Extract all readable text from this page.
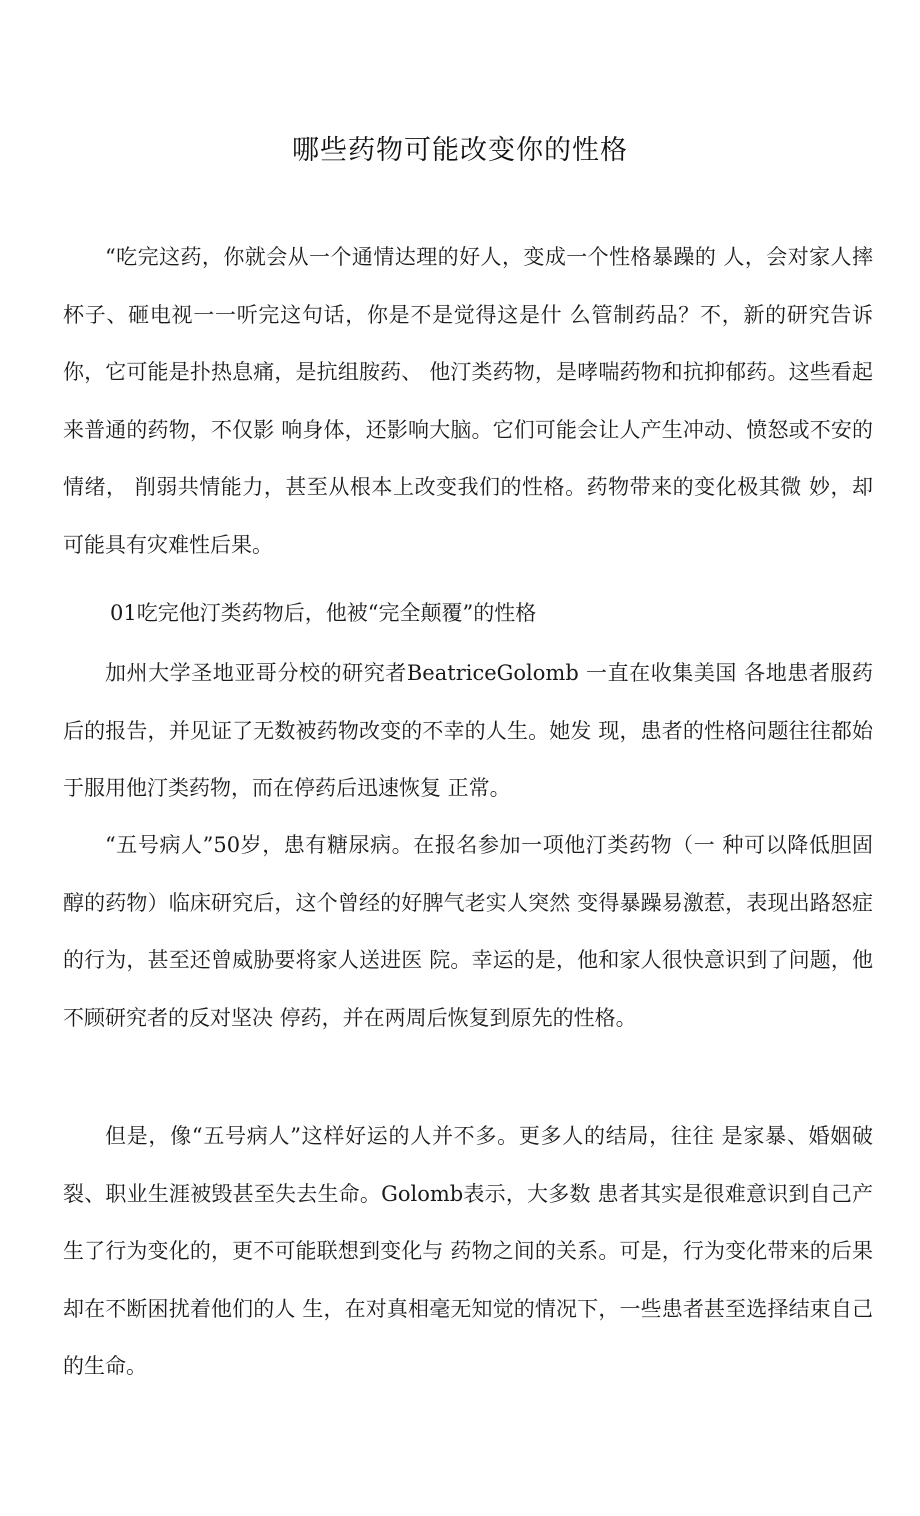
哪些药物可能改变你的性格

“吃完这药，你就会从一个通情达理的好人，变成一个性格暴躁的 人，会对家人摔杯子、砸电视一一听完这句话，你是不是觉得这是什 么管制药品？不，新的研究告诉你，它可能是扑热息痛，是抗组胺药、 他汀类药物，是哮喘药物和抗抑郁药。这些看起来普通的药物，不仅影 响身体，还影响大脑。它们可能会让人产生冲动、愤怒或不安的情绪， 削弱共情能力，甚至从根本上改变我们的性格。药物带来的变化极其微 妙，却可能具有灾难性后果。

01吃完他汀类药物后，他被“完全颠覆”的性格

加州大学圣地亚哥分校的研究者BeatriceGolomb 一直在收集美国 各地患者服药后的报告，并见证了无数被药物改变的不幸的人生。她发 现，患者的性格问题往往都始于服用他汀类药物，而在停药后迅速恢复 正常。

“五号病人”50岁，患有糖尿病。在报名参加一项他汀类药物（一 种可以降低胆固醇的药物）临床研究后，这个曾经的好脾气老实人突然 变得暴躁易激惹，表现出路怒症的行为，甚至还曾威胁要将家人送进医 院。幸运的是，他和家人很快意识到了问题，他不顾研究者的反对坚决 停药，并在两周后恢复到原先的性格。

但是，像“五号病人”这样好运的人并不多。更多人的结局，往往 是家暴、婚姻破裂、职业生涯被毁甚至失去生命。Golomb表示，大多数 患者其实是很难意识到自己产生了行为变化的，更不可能联想到变化与 药物之间的关系。可是，行为变化带来的后果却在不断困扰着他们的人 生，在对真相毫无知觉的情况下，一些患者甚至选择结束自己的生命。
